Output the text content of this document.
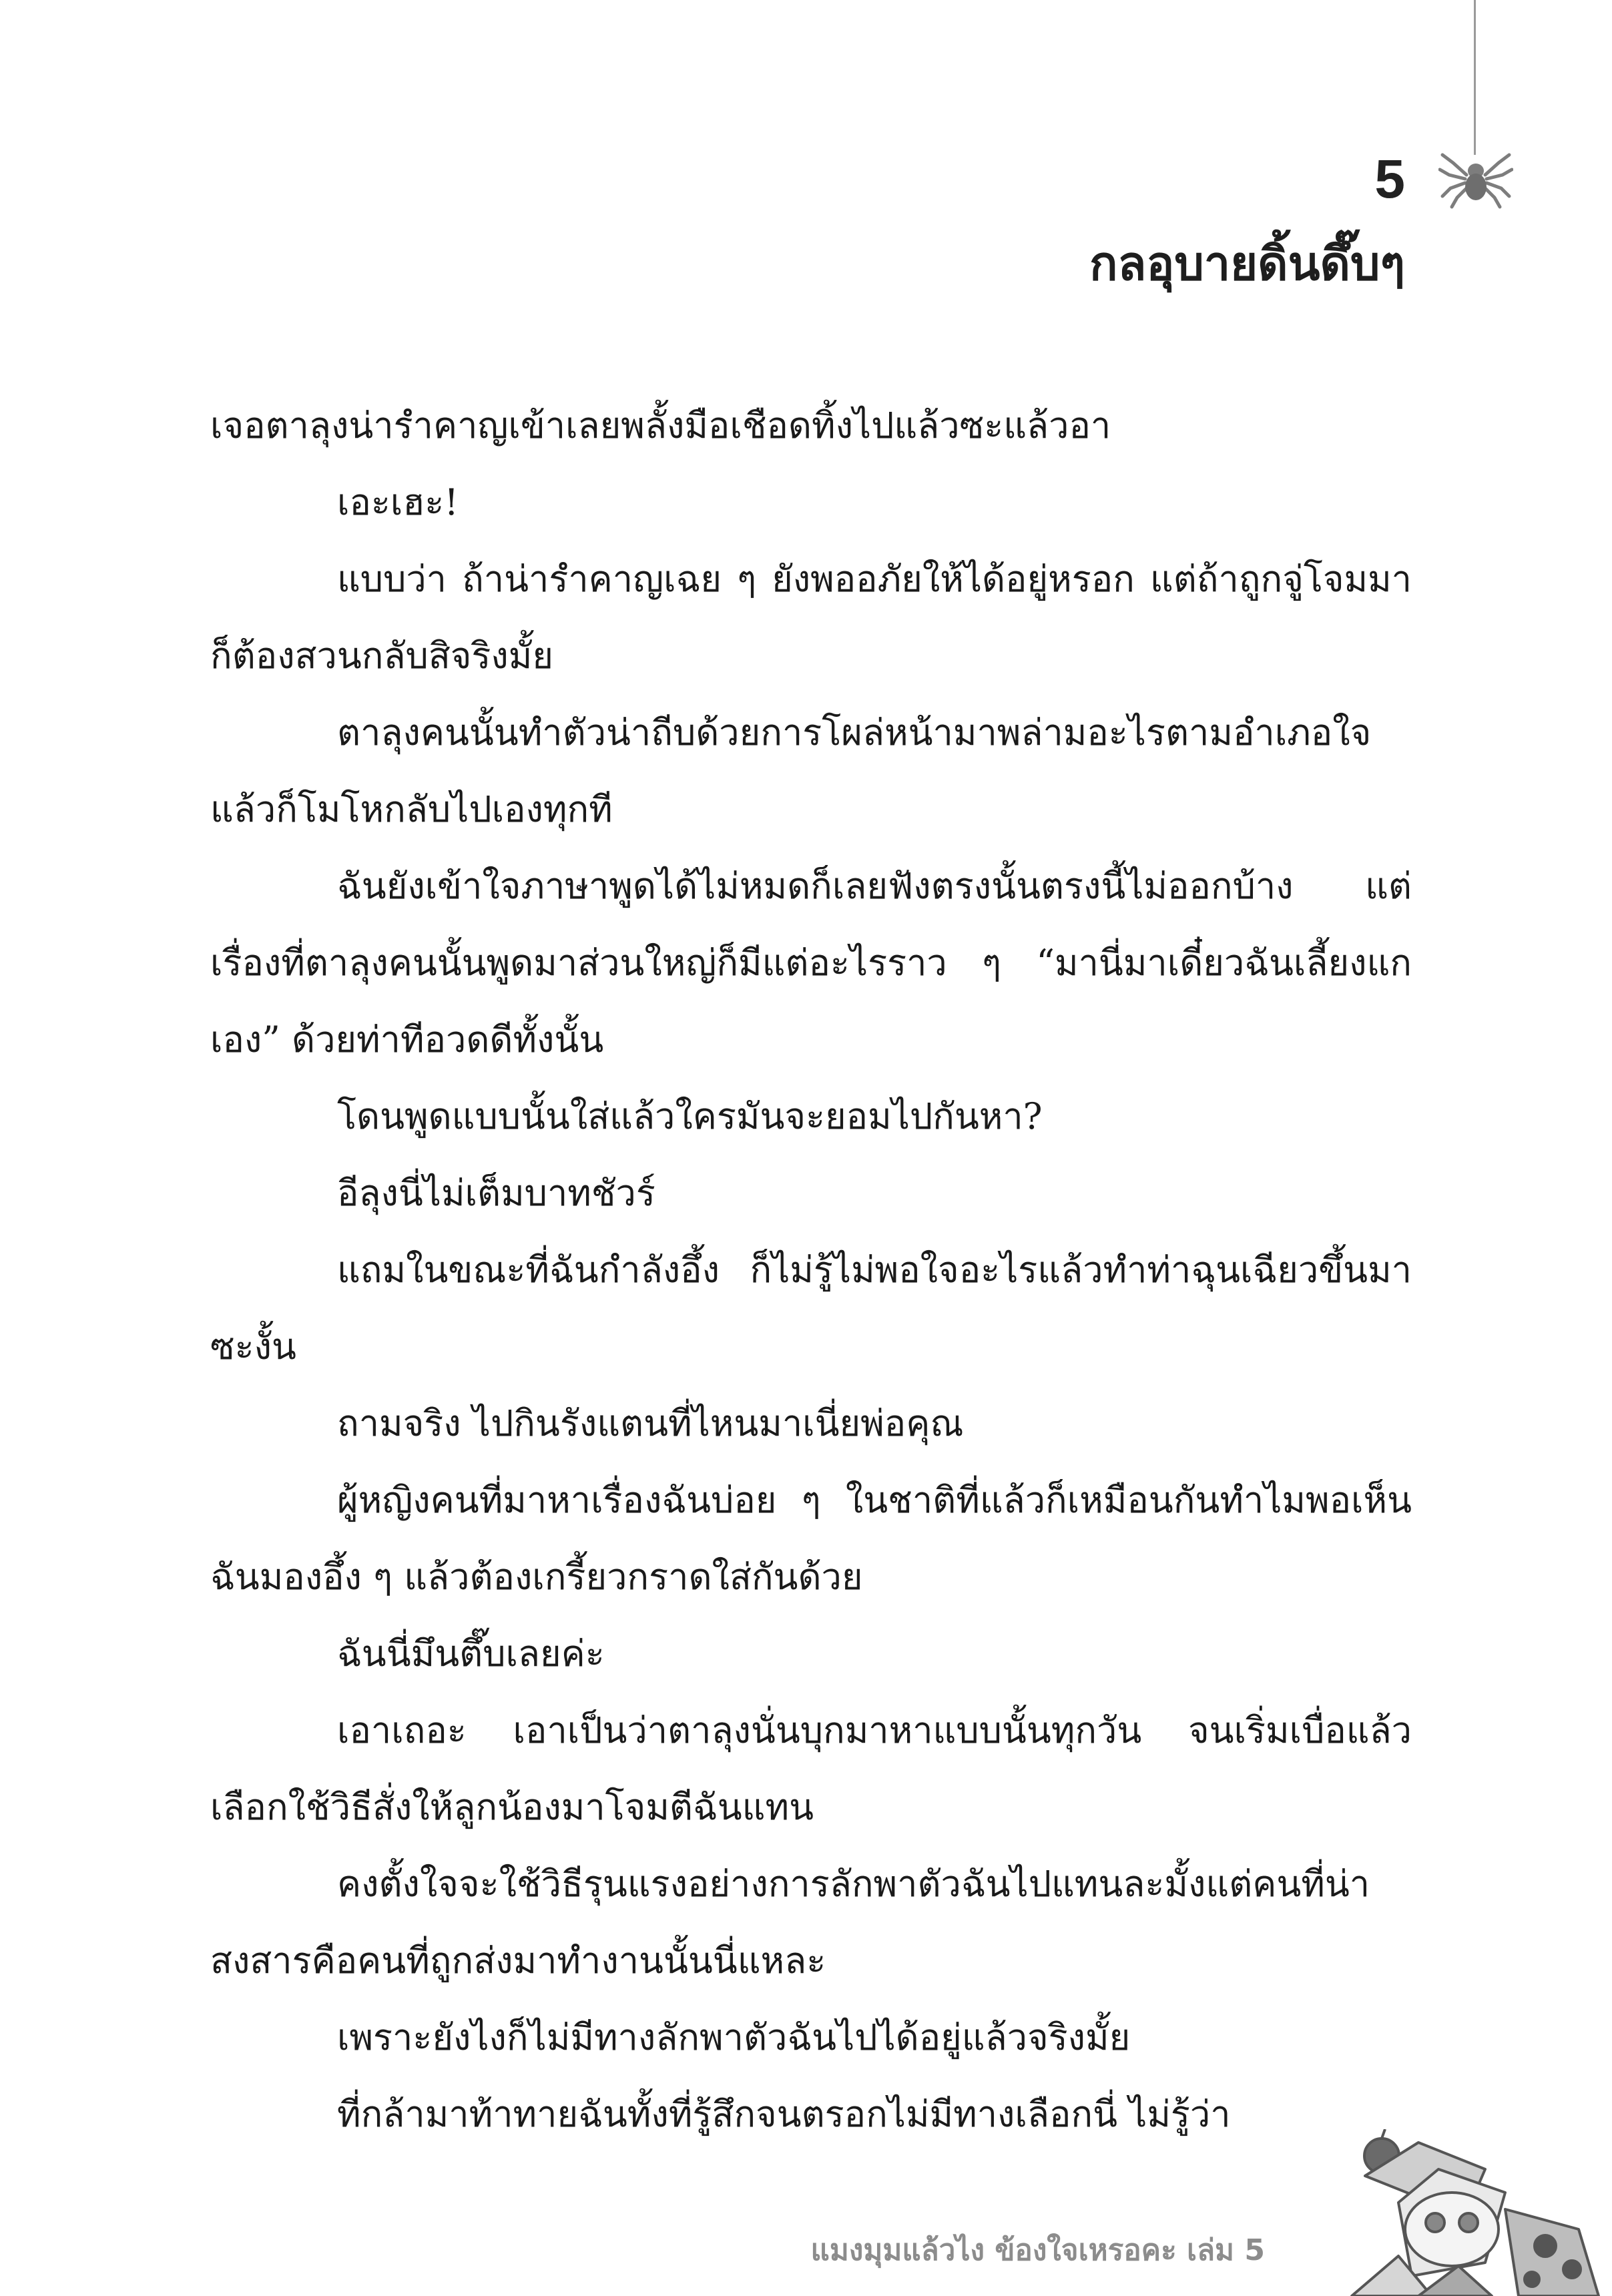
5
กลอุบายดิ้นดึ๊บๆ

เจอตาลุงน่ารำคาญเข้าเลยพลั้งมือเชือดทิ้งไปแล้วซะแล้วอา

เอะเฮะ!

แบบว่า ถ้าน่ารำคาญเฉย ๆ ยังพออภัยให้ได้อยู่หรอก แต่ถ้าถูกจู่โจมมาก็ต้องสวนกลับสิจริงมั้ย

ตาลุงคนนั้นทำตัวน่าถีบด้วยการโผล่หน้ามาพล่ามอะไรตามอำเภอใจแล้วก็โมโหกลับไปเองทุกที

ฉันยังเข้าใจภาษาพูดได้ไม่หมดก็เลยฟังตรงนั้นตรงนี้ไม่ออกบ้าง แต่เรื่องที่ตาลุงคนนั้นพูดมาส่วนใหญ่ก็มีแต่อะไรราว ๆ “มานี่มาเดี๋ยวฉันเลี้ยงแกเอง” ด้วยท่าทีอวดดีทั้งนั้น

โดนพูดแบบนั้นใส่แล้วใครมันจะยอมไปกันหา?

อีลุงนี่ไม่เต็มบาทชัวร์

แถมในขณะที่ฉันกำลังอึ้ง ก็ไม่รู้ไม่พอใจอะไรแล้วทำท่าฉุนเฉียวขึ้นมาซะงั้น

ถามจริง ไปกินรังแตนที่ไหนมาเนี่ยพ่อคุณ

ผู้หญิงคนที่มาหาเรื่องฉันบ่อย ๆ ในชาติที่แล้วก็เหมือนกันทำไมพอเห็นฉันมองอึ้ง ๆ แล้วต้องเกรี้ยวกราดใส่กันด้วย

ฉันนี่มึนตึ๊บเลยค่ะ

เอาเถอะ เอาเป็นว่าตาลุงนั่นบุกมาหาแบบนั้นทุกวัน จนเริ่มเบื่อแล้วเลือกใช้วิธีสั่งให้ลูกน้องมาโจมตีฉันแทน

คงตั้งใจจะใช้วิธีรุนแรงอย่างการลักพาตัวฉันไปแทนละมั้งแต่คนที่น่าสงสารคือคนที่ถูกส่งมาทำงานนั้นนี่แหละ

เพราะยังไงก็ไม่มีทางลักพาตัวฉันไปได้อยู่แล้วจริงมั้ย

ที่กล้ามาท้าทายฉันทั้งที่รู้สึกจนตรอกไม่มีทางเลือกนี่ ไม่รู้ว่า

แมงมุมแล้วไง ข้องใจเหรอคะ เล่ม 5
